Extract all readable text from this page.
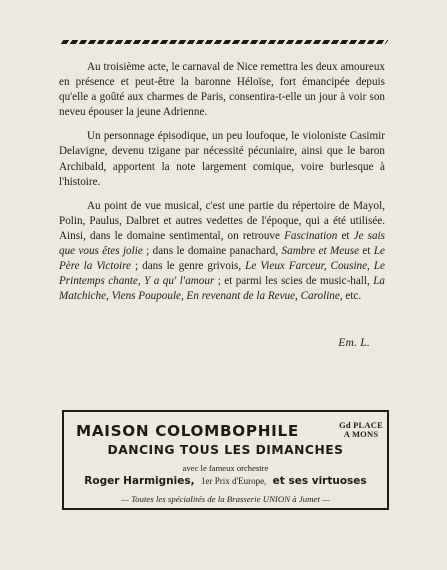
Au troisième acte, le carnaval de Nice remettra les deux amoureux en présence et peut-être la baronne Héloïse, fort émancipée depuis qu'elle a goûté aux charmes de Paris, consentira-t-elle un jour à voir son neveu épouser la jeune Adrienne.

Un personnage épisodique, un peu loufoque, le violoniste Casimir Delavigne, devenu tzigane par nécessité pécuniaire, ainsi que le baron Archibald, apportent la note largement comique, voire burlesque à l'histoire.

Au point de vue musical, c'est une partie du répertoire de Mayol, Polin, Paulus, Dalbret et autres vedettes de l'époque, qui a été utilisée. Ainsi, dans le domaine sentimental, on retrouve Fascination et Je sais que vous êtes jolie ; dans le domaine panachard, Sambre et Meuse et Le Père la Victoire ; dans le genre grivois, Le Vieux Farceur, Cousine, Le Printemps chante, Y a qu' l'amour ; et parmi les scies de music-hall, La Matchiche, Viens Poupoule, En revenant de la Revue, Caroline, etc.

Em. L.
MAISON COLOMBOPHILE	Gd PLACE
A MONS
DANCING TOUS LES DIMANCHES
avec le fameux orchestre
Roger Harmignies, 1er Prix d'Europe, et ses virtuoses
— Toutes les spécialités de la Brasserie UNION à Jumet —
